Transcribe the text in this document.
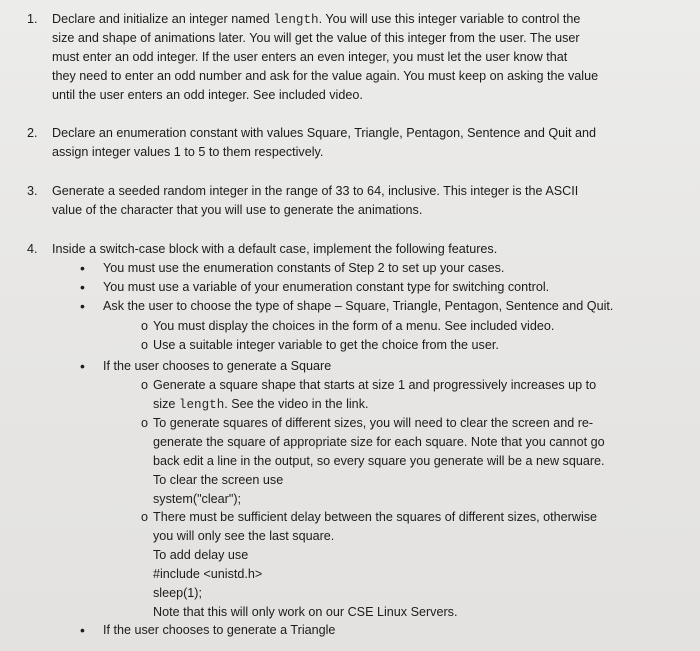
1. Declare and initialize an integer named length. You will use this integer variable to control the
size and shape of animations later. You will get the value of this integer from the user. The user
must enter an odd integer. If the user enters an even integer, you must let the user know that
they need to enter an odd number and ask for the value again. You must keep on asking the value
until the user enters an odd integer. See included video.
2. Declare an enumeration constant with values Square, Triangle, Pentagon, Sentence and Quit and
assign integer values 1 to 5 to them respectively.
3. Generate a seeded random integer in the range of 33 to 64, inclusive. This integer is the ASCII
value of the character that you will use to generate the animations.
4. Inside a switch-case block with a default case, implement the following features.
• You must use the enumeration constants of Step 2 to set up your cases.
• You must use a variable of your enumeration constant type for switching control.
• Ask the user to choose the type of shape – Square, Triangle, Pentagon, Sentence and Quit.
• If the user chooses to generate a Square
• If the user chooses to generate a Triangle
o You must display the choices in the form of a menu. See included video.
o Use a suitable integer variable to get the choice from the user.
o Generate a square shape that starts at size 1 and progressively increases up to
size length. See the video in the link.
o To generate squares of different sizes, you will need to clear the screen and re-
generate the square of appropriate size for each square. Note that you cannot go
back edit a line in the output, so every square you generate will be a new square.
To clear the screen use
system("clear");
o There must be sufficient delay between the squares of different sizes, otherwise
you will only see the last square.
To add delay use
#include <unistd.h>
sleep(1);
Note that this will only work on our CSE Linux Servers.
